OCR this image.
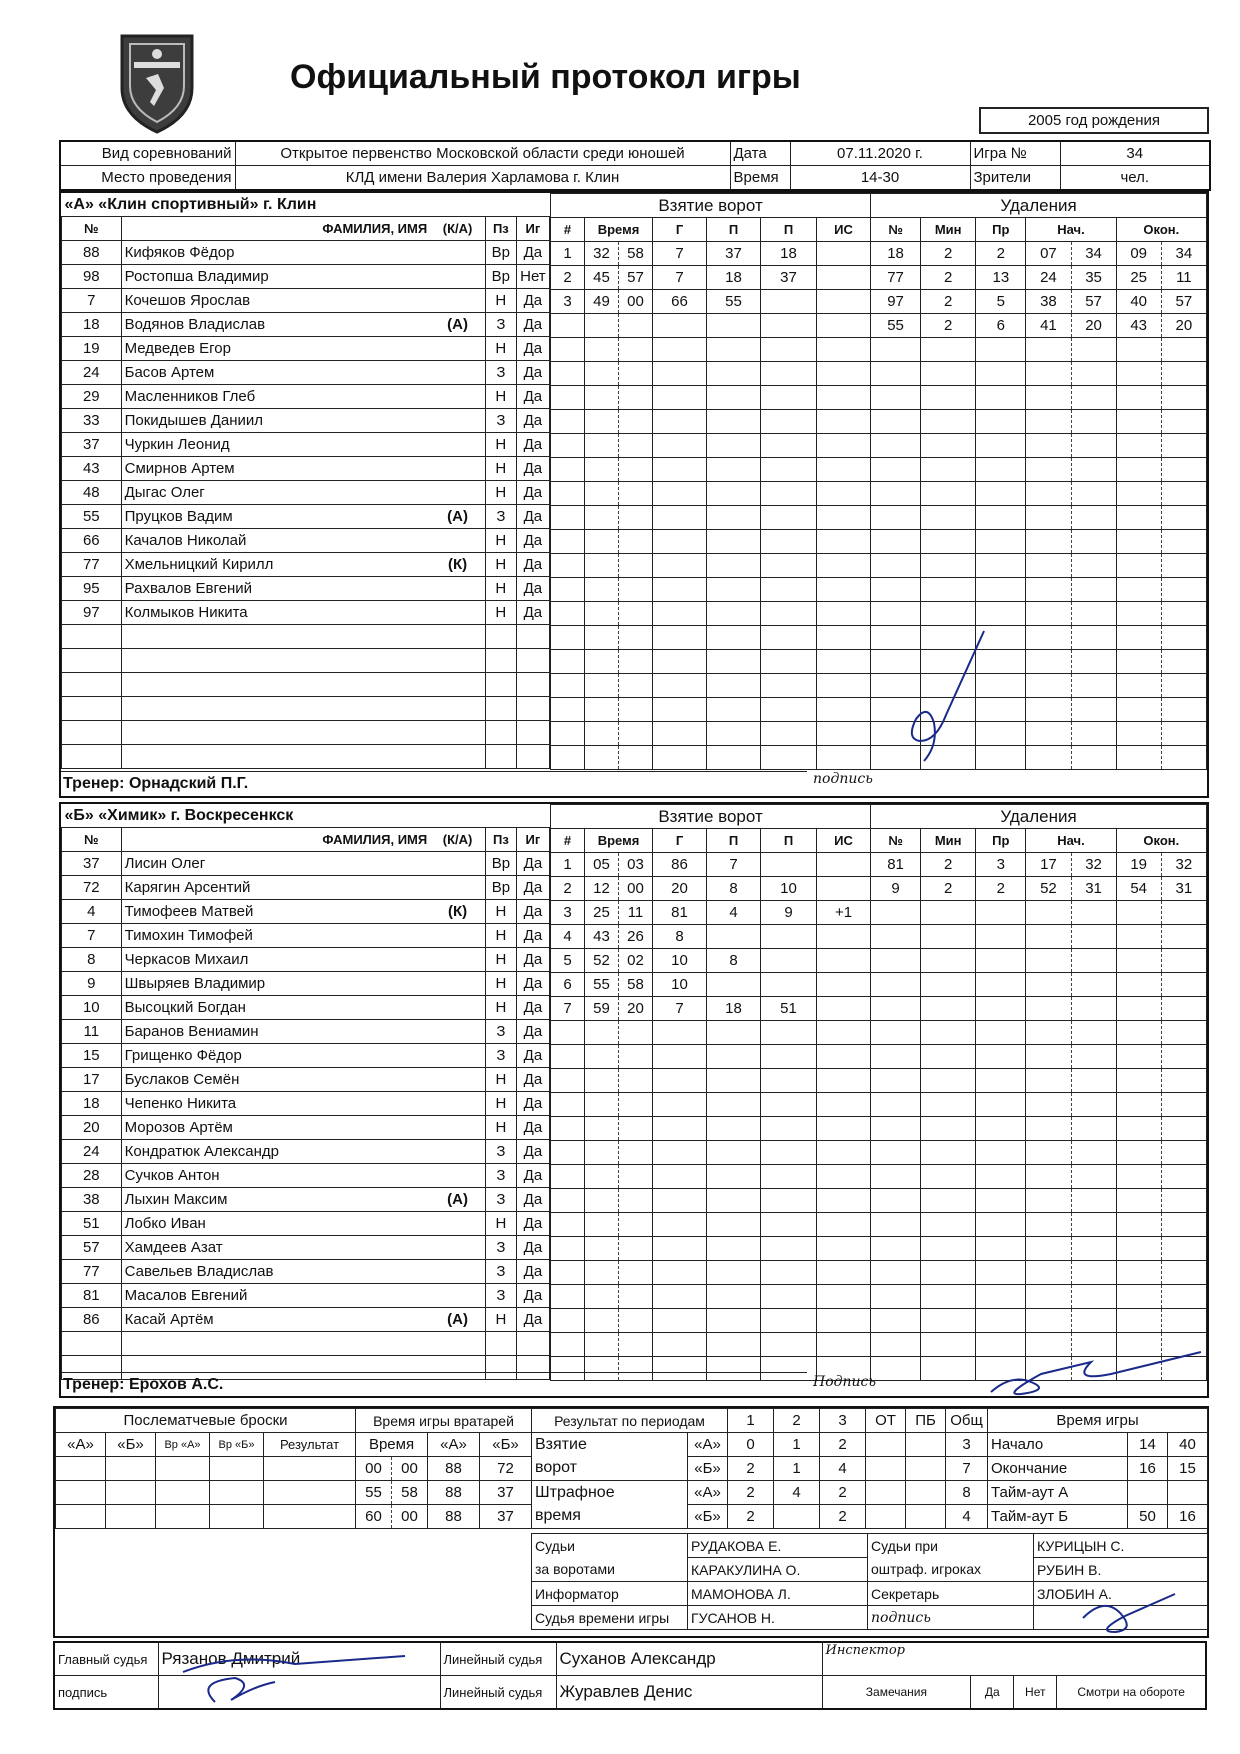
Официальный протокол игры
2005 год рождения
Вид соревнований	Открытое первенство Московской области среди юношей	Дата	07.11.2020 г.	Игра №	34
Место проведения	КЛД имени Валерия Харламова г. Клин	Время	14-30	Зрители	чел.
«А» «Клин спортивный» г. Клин				
№	ФАМИЛИЯ, ИМЯ	(К/А)	Пз	Иг
88	Кифяков Фёдор		Вр	Да
98	Ростопша Владимир		Вр	Нет
7	Кочешов Ярослав		Н	Да
18	Водянов Владислав	(А)	З	Да
19	Медведев Егор		Н	Да
24	Басов Артем		З	Да
29	Масленников Глеб		Н	Да
33	Покидышев Даниил		З	Да
37	Чуркин Леонид		Н	Да
43	Смирнов Артем		Н	Да
48	Дыгас Олег		Н	Да
55	Пруцков Вадим	(А)	З	Да
66	Качалов Николай		Н	Да
77	Хмельницкий Кирилл	(К)	Н	Да
95	Рахвалов Евгений		Н	Да
97	Колмыков Никита		Н	Да

Взятие ворот						
#	Время		Г	П	П	ИС
1	32	58	7	37	18	
2	45	57	7	18	37	
3	49	00	66	55		

Удаления						
№	Мин	Пр	Нач.		Окон.	
18	2	2	07	34	09	34
77	2	13	24	35	25	11
97	2	5	38	57	40	57
55	2	6	41	20	43	20

Тренер: Орнадский П.Г.	подпись
«Б» «Химик» г. Воскресенкск				
№	ФАМИЛИЯ, ИМЯ	(К/А)	Пз	Иг
37	Лисин Олег		Вр	Да
72	Карягин Арсентий		Вр	Да
4	Тимофеев Матвей	(К)	Н	Да
7	Тимохин Тимофей		Н	Да
8	Черкасов Михаил		Н	Да
9	Швыряев Владимир		Н	Да
10	Высоцкий Богдан		Н	Да
11	Баранов Вениамин		З	Да
15	Грищенко Фёдор		З	Да
17	Буслаков Семён		Н	Да
18	Чепенко Никита		Н	Да
20	Морозов Артём		Н	Да
24	Кондратюк Александр		З	Да
28	Сучков Антон		З	Да
38	Лыхин Максим	(А)	З	Да
51	Лобко Иван		Н	Да
57	Хамдеев Азат		З	Да
77	Савельев Владислав		З	Да
81	Масалов Евгений		З	Да
86	Касай Артём	(А)	Н	Да

Взятие ворот						
#	Время		Г	П	П	ИС
1	05	03	86	7		
2	12	00	20	8	10	
3	25	11	81	4	9	+1
4	43	26	8			
5	52	02	10	8		
6	55	58	10			
7	59	20	7	18	51	

Удаления						
№	Мин	Пр	Нач.		Окон.	
81	2	3	17	32	19	32
9	2	2	52	31	54	31

Тренер: Ерохов А.С.	Подпись
Послематчевые броски				
«А»	«Б»	Вр «А»	Вр «Б»	Результат

Время игры вратарей			
Время		«А»	«Б»
00	00	88	72
55	58	88	37
60	00	88	37
Результат по периодам		1	2	3	ОТ	ПБ	Общ
Взятие	«А»	0	1	2			3
ворот	«Б»	2	1	4			7
Штрафное	«А»	2	4	2			8
время	«Б»	2		2			4
Время игры		
Начало	14	40
Окончание	16	15
Тайм-аут А		
Тайм-аут Б	50	16
Судьи	РУДАКОВА Е.	Судьи при	КУРИЦЫН С.
за воротами	КАРАКУЛИНА О.	оштраф. игроках	РУБИН В.
Информатор	МАМОНОВА Л.	Секретарь	ЗЛОБИН А.
Судья времени игры	ГУСАНОВ Н.	подпись	
Главный судья	Рязанов Дмитрий	Линейный судья	Суханов Александр	Инспектор
подпись		Линейный судья	Журавлев Денис		Замечания	Да	Нет	Смотри на обороте
